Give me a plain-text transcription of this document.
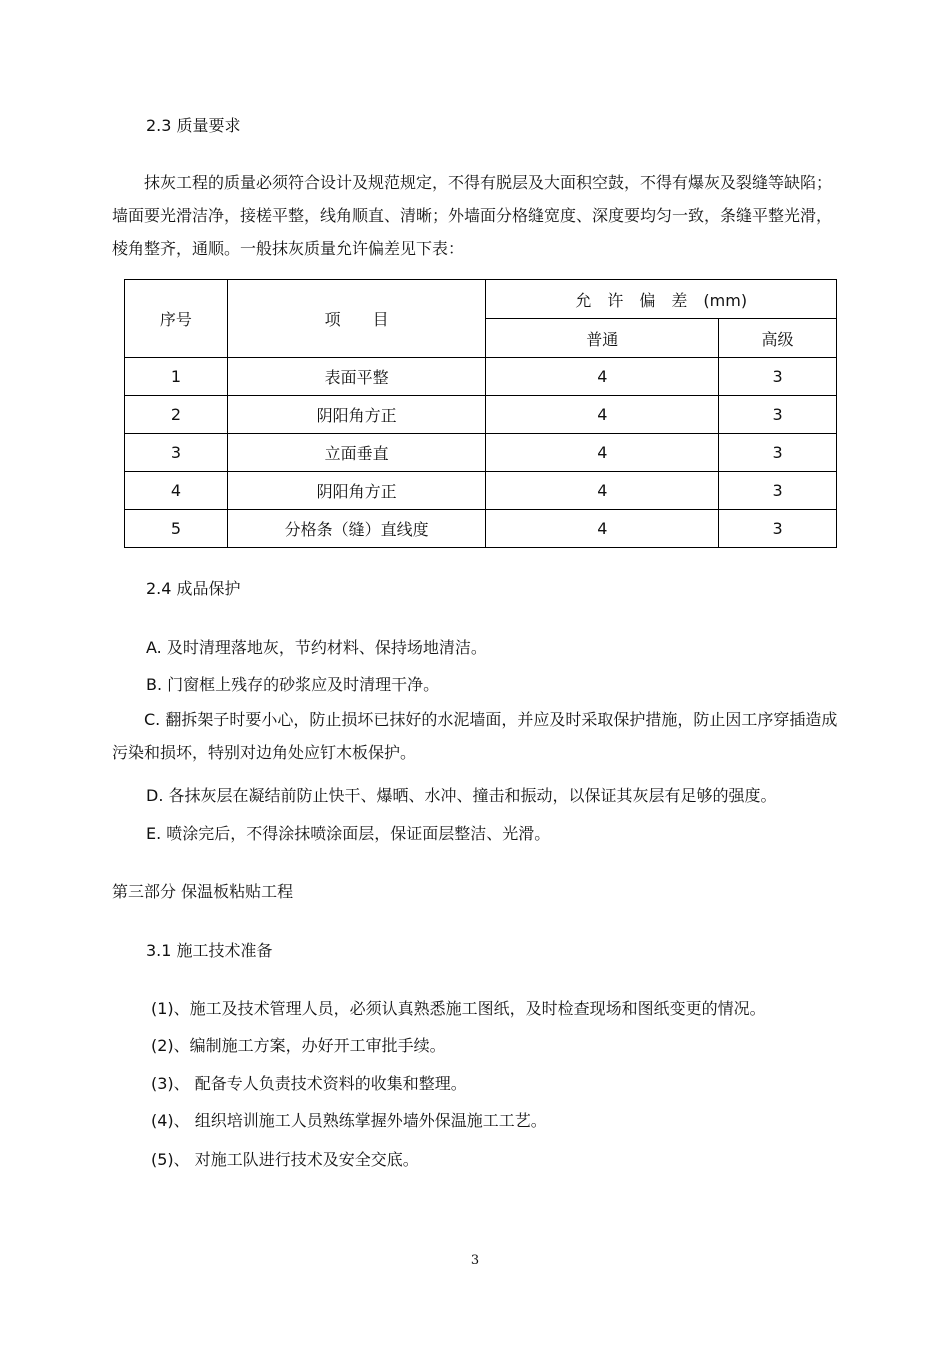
2.3 质量要求
抹灰工程的质量必须符合设计及规范规定，不得有脱层及大面积空鼓，不得有爆灰及裂缝等缺陷；墙面要光滑洁净，接槎平整，线角顺直、清晰；外墙面分格缝宽度、深度要均匀一致，条缝平整光滑，棱角整齐，通顺。一般抹灰质量允许偏差见下表：
序号	项　　目	允　许　偏　差　(mm)	
		普通	高级
1	表面平整	4	3
2	阴阳角方正	4	3
3	立面垂直	4	3
4	阴阳角方正	4	3
5	分格条（缝）直线度	4	3
2.4 成品保护
A. 及时清理落地灰，节约材料、保持场地清洁。
B. 门窗框上残存的砂浆应及时清理干净。
C. 翻拆架子时要小心，防止损坏已抹好的水泥墙面，并应及时采取保护措施，防止因工序穿插造成污染和损坏，特别对边角处应钉木板保护。
D. 各抹灰层在凝结前防止快干、爆晒、水冲、撞击和振动，以保证其灰层有足够的强度。
E. 喷涂完后，不得涂抹喷涂面层，保证面层整洁、光滑。
第三部分 保温板粘贴工程
3.1 施工技术准备
(1)、施工及技术管理人员，必须认真熟悉施工图纸，及时检查现场和图纸变更的情况。
(2)、编制施工方案，办好开工审批手续。
(3)、 配备专人负责技术资料的收集和整理。
(4)、 组织培训施工人员熟练掌握外墙外保温施工工艺。
(5)、 对施工队进行技术及安全交底。
3
